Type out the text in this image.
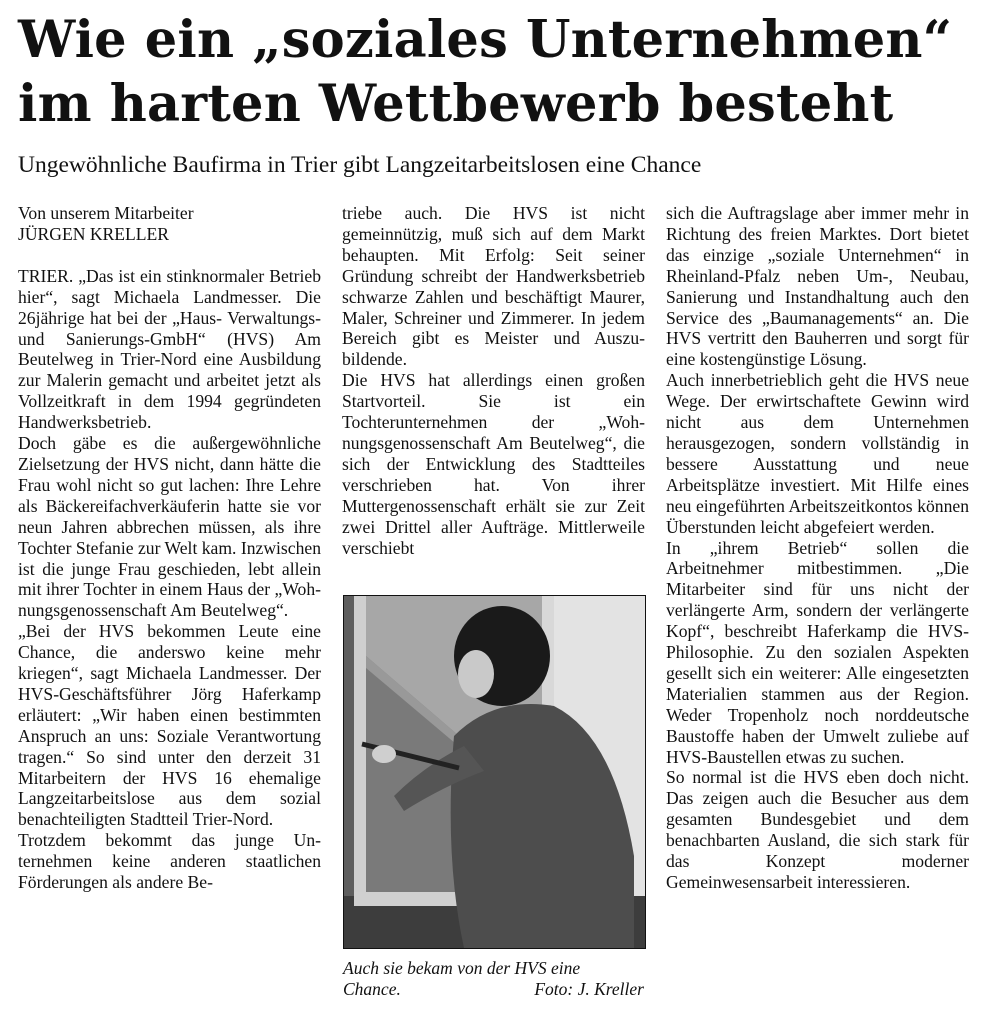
Wie ein „soziales Unternehmen“
im harten Wettbewerb besteht
Ungewöhnliche Baufirma in Trier gibt Langzeitarbeitslosen eine Chance
Von unserem Mitarbeiter
JÜRGEN KRELLER

TRIER. „Das ist ein stinknormaler Betrieb hier“, sagt Michaela Landmesser. Die 26jährige hat bei der „Haus- Verwaltungs- und Sanierungs-GmbH“ (HVS) Am Beutelweg in Trier-Nord eine Ausbildung zur Malerin gemacht und arbeitet jetzt als Vollzeitkraft in dem 1994 gegründeten Handwerksbetrieb.

Doch gäbe es die außergewöhnliche Zielsetzung der HVS nicht, dann hätte die Frau wohl nicht so gut lachen: Ihre Lehre als Bäckereifachverkäuferin hatte sie vor neun Jahren abbrechen müssen, als ihre Tochter Stefanie zur Welt kam. Inzwischen ist die junge Frau geschieden, lebt allein mit ihrer Tochter in einem Haus der „Wohnungsgenossenschaft Am Beutelweg“.

„Bei der HVS bekommen Leute eine Chance, die anderswo keine mehr kriegen“, sagt Michaela Landmesser. Der HVS-Geschäftsführer Jörg Haferkamp erläutert: „Wir haben einen bestimmten Anspruch an uns: Soziale Verantwortung tragen.“ So sind unter den derzeit 31 Mitarbeitern der HVS 16 ehemalige Langzeitarbeitslose aus dem sozial benachteiligten Stadtteil Trier-Nord.

Trotzdem bekommt das junge Unternehmen keine anderen staatlichen Förderungen als andere Be-

triebe auch. Die HVS ist nicht gemeinnützig, muß sich auf dem Markt behaupten. Mit Erfolg: Seit seiner Gründung schreibt der Handwerksbetrieb schwarze Zahlen und beschäftigt Maurer, Maler, Schreiner und Zimmerer. In jedem Bereich gibt es Meister und Auszubildende.

Die HVS hat allerdings einen großen Startvorteil. Sie ist ein Tochterunternehmen der „Wohnungsgenossenschaft Am Beutelweg“, die sich der Entwicklung des Stadtteiles verschrieben hat. Von ihrer Muttergenossenschaft erhält sie zur Zeit zwei Drittel aller Aufträge. Mittlerweile verschiebt

Auch sie bekam von der HVS eine
Chance.	Foto: J. Kreller

sich die Auftragslage aber immer mehr in Richtung des freien Marktes. Dort bietet das einzige „soziale Unternehmen“ in Rheinland-Pfalz neben Um-, Neubau, Sanierung und Instandhaltung auch den Service des „Baumanagements“ an. Die HVS vertritt den Bauherren und sorgt für eine kostengünstige Lösung.

Auch innerbetrieblich geht die HVS neue Wege. Der erwirtschaftete Gewinn wird nicht aus dem Unternehmen herausgezogen, sondern vollständig in bessere Ausstattung und neue Arbeitsplätze investiert. Mit Hilfe eines neu eingeführten Arbeitszeitkontos können Überstunden leicht abgefeiert werden.

In „ihrem Betrieb“ sollen die Arbeitnehmer mitbestimmen. „Die Mitarbeiter sind für uns nicht der verlängerte Arm, sondern der verlängerte Kopf“, beschreibt Haferkamp die HVS-Philosophie. Zu den sozialen Aspekten gesellt sich ein weiterer: Alle eingesetzten Materialien stammen aus der Region. Weder Tropenholz noch norddeutsche Baustoffe haben der Umwelt zuliebe auf HVS-Baustellen etwas zu suchen.

So normal ist die HVS eben doch nicht. Das zeigen auch die Besucher aus dem gesamten Bundesgebiet und dem benachbarten Ausland, die sich stark für das Konzept moderner Gemeinwesensarbeit interessieren.
